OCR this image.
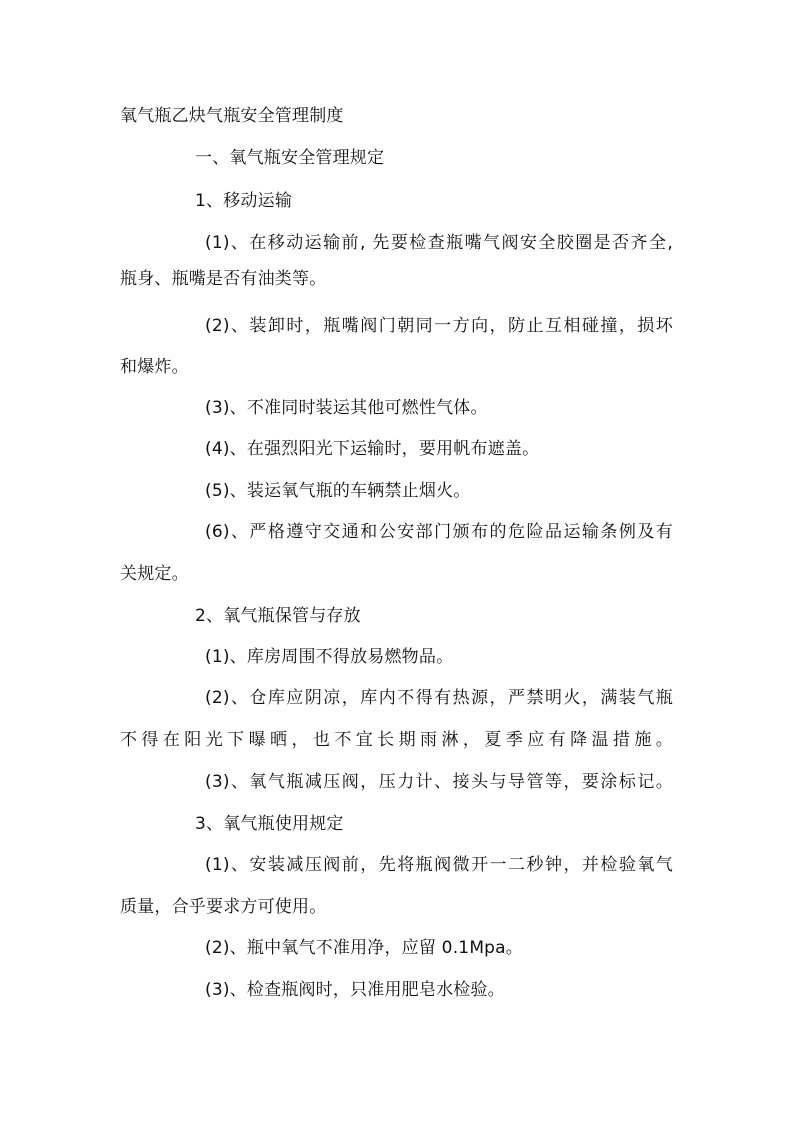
氧气瓶乙炔气瓶安全管理制度
一、氧气瓶安全管理规定
1、移动运输
(1)、在移动运输前, 先要检查瓶嘴气阀安全胶圈是否齐全,
瓶身、瓶嘴是否有油类等。
(2)、装卸时，瓶嘴阀门朝同一方向，防止互相碰撞，损坏
和爆炸。
(3)、不准同时装运其他可燃性气体。
(4)、在强烈阳光下运输时，要用帆布遮盖。
(5)、装运氧气瓶的车辆禁止烟火。
(6)、严格遵守交通和公安部门颁布的危险品运输条例及有
关规定。
2、氧气瓶保管与存放
(1)、库房周围不得放易燃物品。
(2)、仓库应阴凉，库内不得有热源，严禁明火，满装气瓶
不得在阳光下曝晒，也不宜长期雨淋，夏季应有降温措施。
(3)、氧气瓶减压阀，压力计、接头与导管等，要涂标记。
3、氧气瓶使用规定
(1)、安装减压阀前，先将瓶阀微开一二秒钟，并检验氧气
质量，合乎要求方可使用。
(2)、瓶中氧气不准用净，应留 0.1Mpa。
(3)、检查瓶阀时，只准用肥皂水检验。
